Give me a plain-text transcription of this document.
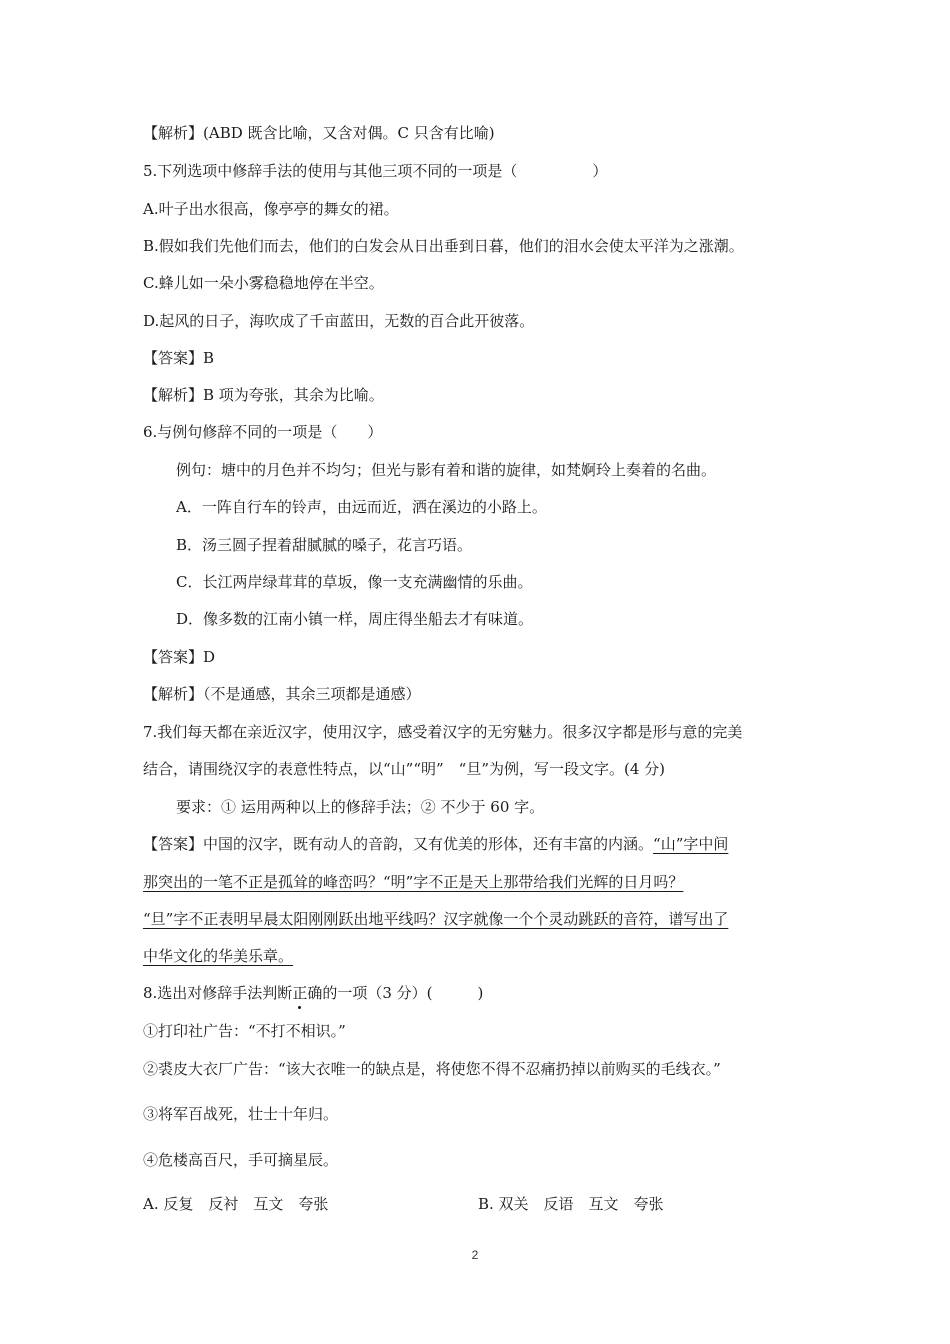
【解析】(ABD 既含比喻，又含对偶。C 只含有比喻)
5.下列选项中修辞手法的使用与其他三项不同的一项是（　　　　　）
A.叶子出水很高，像亭亭的舞女的裙。
B.假如我们先他们而去，他们的白发会从日出垂到日暮，他们的泪水会使太平洋为之涨潮。
C.蜂儿如一朵小雾稳稳地停在半空。
D.起风的日子，海吹成了千亩蓝田，无数的百合此开彼落。
【答案】B
【解析】B 项为夸张，其余为比喻。
6.与例句修辞不同的一项是（　　）
例句：塘中的月色并不均匀；但光与影有着和谐的旋律，如梵婀玲上奏着的名曲。
A．一阵自行车的铃声，由远而近，洒在溪边的小路上。
B．汤三圆子捏着甜腻腻的嗓子，花言巧语。
C．长江两岸绿茸茸的草坂，像一支充满幽情的乐曲。
D．像多数的江南小镇一样，周庄得坐船去才有味道。
【答案】D
【解析】（不是通感，其余三项都是通感）
7.我们每天都在亲近汉字，使用汉字，感受着汉字的无穷魅力。很多汉字都是形与意的完美
结合，请围绕汉字的表意性特点，以“山”“明”　“旦”为例，写一段文字。(4 分)
要求：① 运用两种以上的修辞手法；② 不少于 60 字。
【答案】中国的汉字，既有动人的音韵，又有优美的形体，还有丰富的内涵。“山”字中间
那突出的一笔不正是孤耸的峰峦吗？“明”字不正是天上那带给我们光辉的日月吗？
“旦”字不正表明早晨太阳刚刚跃出地平线吗？汉字就像一个个灵动跳跃的音符，谱写出了
中华文化的华美乐章。
8.选出对修辞手法判断正确的一项（3 分）(　　　)
①打印社广告：“不打不相识。”
②裘皮大衣厂广告：“该大衣唯一的缺点是，将使您不得不忍痛扔掉以前购买的毛线衣。”
③将军百战死，壮士十年归。
④危楼高百尺，手可摘星辰。
A. 反复　反衬　互文　夸张	B. 双关　反语　互文　夸张
2
